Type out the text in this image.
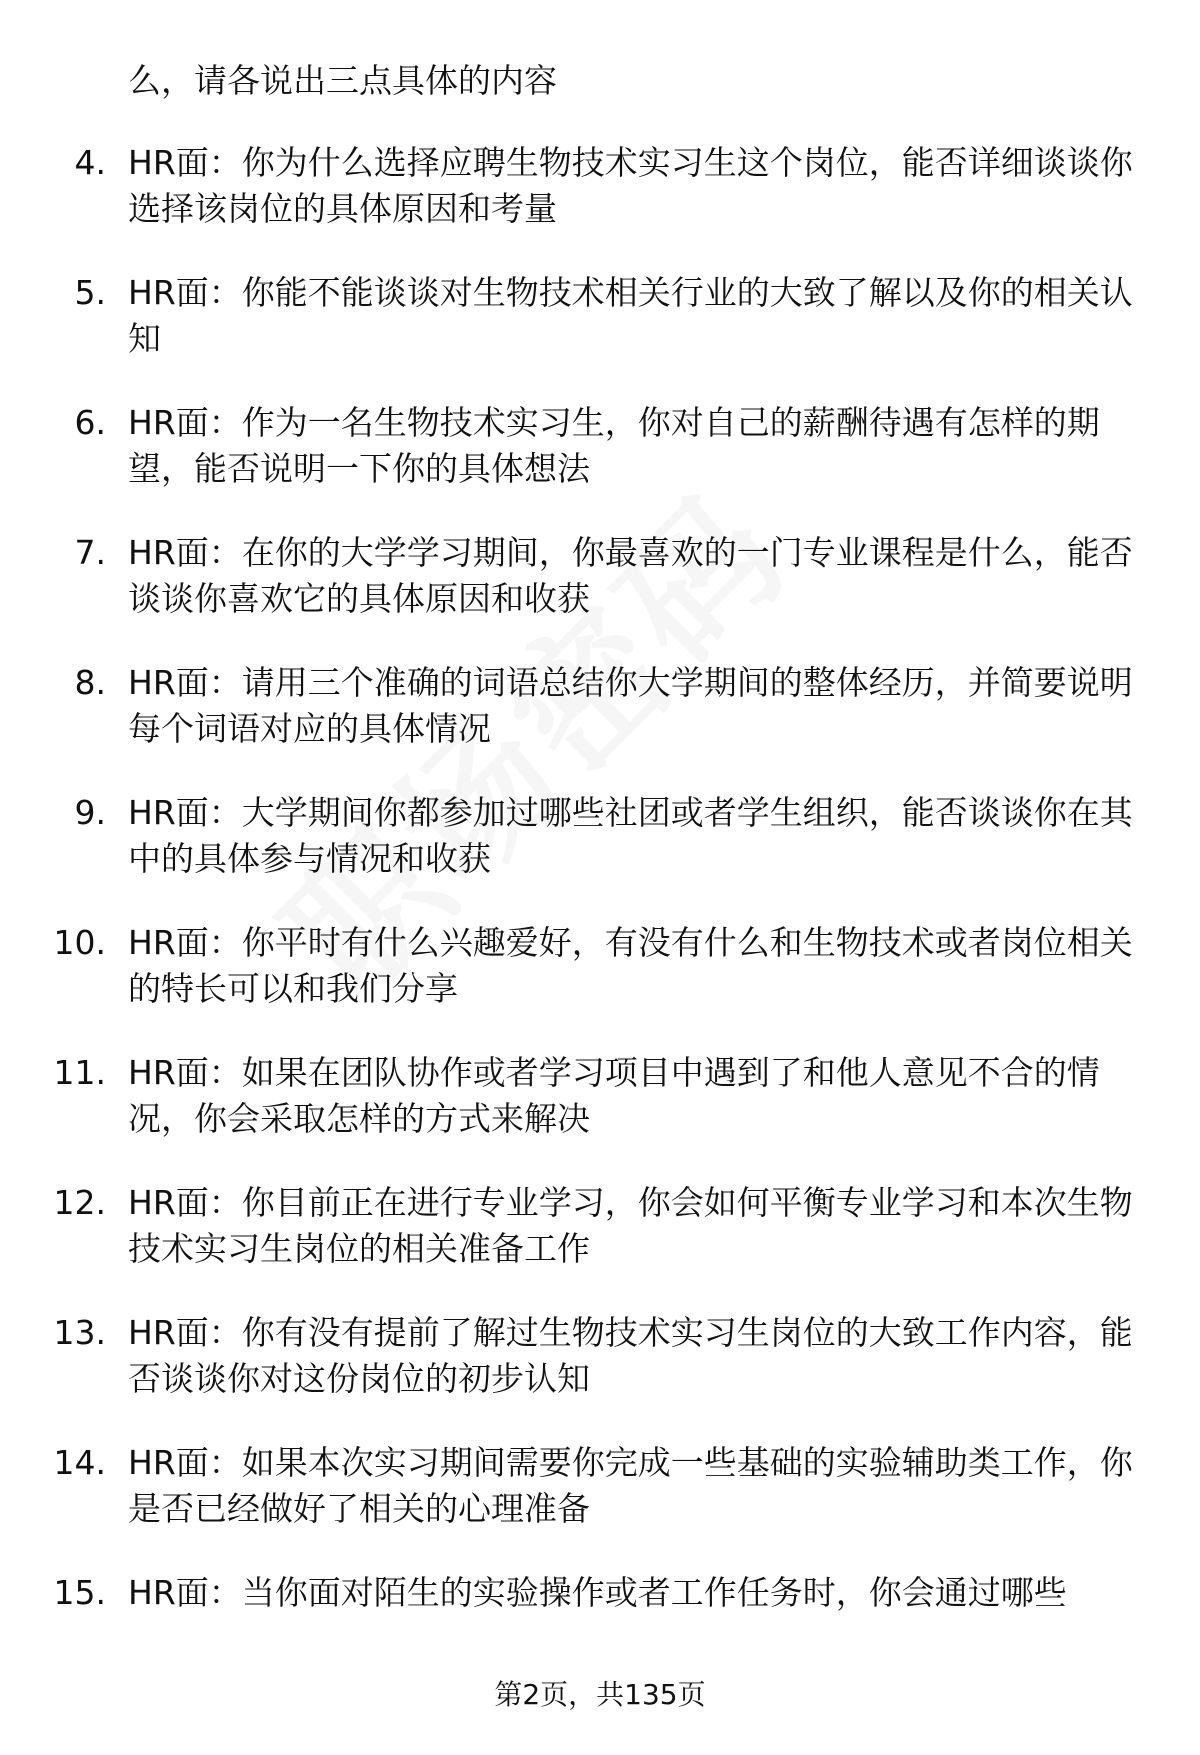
么，请各说出三点具体的内容
4. HR面：你为什么选择应聘生物技术实习生这个岗位，能否详细谈谈你选择该岗位的具体原因和考量
5. HR面：你能不能谈谈对生物技术相关行业的大致了解以及你的相关认知
6. HR面：作为一名生物技术实习生，你对自己的薪酬待遇有怎样的期望，能否说明一下你的具体想法
7. HR面：在你的大学学习期间，你最喜欢的一门专业课程是什么，能否谈谈你喜欢它的具体原因和收获
8. HR面：请用三个准确的词语总结你大学期间的整体经历，并简要说明每个词语对应的具体情况
9. HR面：大学期间你都参加过哪些社团或者学生组织，能否谈谈你在其中的具体参与情况和收获
10. HR面：你平时有什么兴趣爱好，有没有什么和生物技术或者岗位相关的特长可以和我们分享
11. HR面：如果在团队协作或者学习项目中遇到了和他人意见不合的情况，你会采取怎样的方式来解决
12. HR面：你目前正在进行专业学习，你会如何平衡专业学习和本次生物技术实习生岗位的相关准备工作
13. HR面：你有没有提前了解过生物技术实习生岗位的大致工作内容，能否谈谈你对这份岗位的初步认知
14. HR面：如果本次实习期间需要你完成一些基础的实验辅助类工作，你是否已经做好了相关的心理准备
15. HR面：当你面对陌生的实验操作或者工作任务时，你会通过哪些
第2页，共135页
